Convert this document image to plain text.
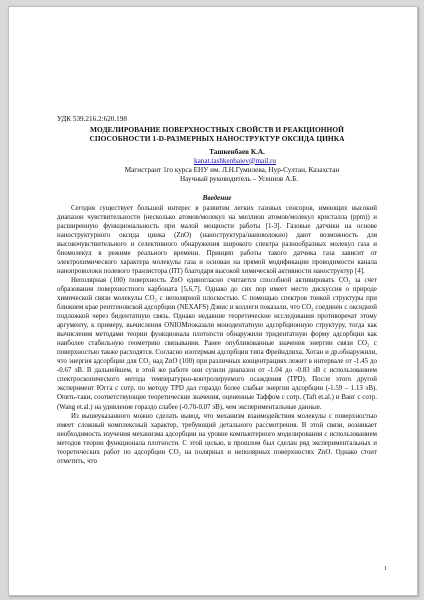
УДК 539.216.2:620.198
МОДЕЛИРОВАНИЕ ПОВЕРХНОСТНЫХ СВОЙСТВ И РЕАКЦИОННОЙ СПОСОБНОСТИ 1-D-РАЗМЕРНЫХ НАНОСТРУКТУР ОКСИДА ЦИНКА
Ташкенбаев К.А.
kanat.tashkenbaiev@mail.ru
Магистрант 1го курса ЕНУ им. Л.Н.Гумилева, Нур-Султан, Казахстан
Научный руководитель – Усеннов А.Б.
Введение

Сегодня существует большой интерес в развитии легких газовых сенсоров, имеющих высокий диапазон чувствительности (несколько атомов/молекул на миллион атомов/молекул кристалла (ppm)) и расширенную функциональность при малой мощности работы [1-3]. Газовые датчики на основе наноструктурного оксида цинка (ZnO) (наноструктура/нановолокно) дают возможность для высокочувствительного и селективного обнаружения широкого спектра разнообразных молекул газа и биомолекул в режиме реального времени. Принцип работы такого датчика газа зависит от электрохимического характера молекулы газа и основан на прямой модификации проводимости канала нанопроволоки полевого транзистора (ПТ) благодаря высокой химической активности наноструктур [4].

Неполярная (100) поверхность ZnO единогласно считается способной активировать CO₂ за счет образования поверхностного карбоната [5,6,7]. Однако до сих пор имеет место дискуссия о природе химической связи молекулы CO₂ с неполярной плоскостью. С помощью спектров тонкой структуры при ближнем крае рентгеновской адсорбции (NEXAFS) Дэвис и коллеги показали, что CO₂ соединен с оксидной подложкой через бидентатную связь. Однако недавние теоретические исследования противоречат этому аргументу, к примеру, вычисления ONIOMпоказали монодентатную адсорбционную структуру, тогда как вычисления методами теории функционала плотности обнаружили тридентатную форму адсорбции как наиболее стабильную геометрию связывания. Ранее опубликованные значения энергии связи CO₂ с поверхностью также расходятся. Согласно изотермам адсорбции типа Фрейндлиха, Хотан и др.обнаружили, что энергия адсорбции для CO₂ над ZnO (100) при различных концентрациях лежит в интервале от -1.45 до -0.67 эВ. В дальнейшем, в этой же работе они сузили диапазон от -1.04 до -0.83 эВ с использованием спектроскопического метода температурно-контролируемого осаждения (TPD). После этого другой эксперимент Югга с сотр. по методу TPD дал гораздо более слабые энергии адсорбции (-1.59 – 1.13 эВ). Опять-таки, соответствующие теоретические значения, оцененные Таффом с сотр. (Taft et.al.) и Ванг с сотр. (Wang et.al.) на удивление гораздо слабее (-0.70-0.07 эВ), чем экспериментальные данные.

Из вышеуказанного можно сделать вывод, что механизм взаимодействия молекулы с поверхностью имеет сложный комплексный характер, требующий детального рассмотрения. В этой связи, возникает необходимость изучения механизма адсорбции на уровне компьютерного моделирования с использованием методов теории функционала плотности. С этой целью, в прошлом был сделан ряд экспериментальных и теоретических работ по адсорбции CO₂ на полярных и неполярных поверхностях ZnO. Однако стоит отметить, что

1
